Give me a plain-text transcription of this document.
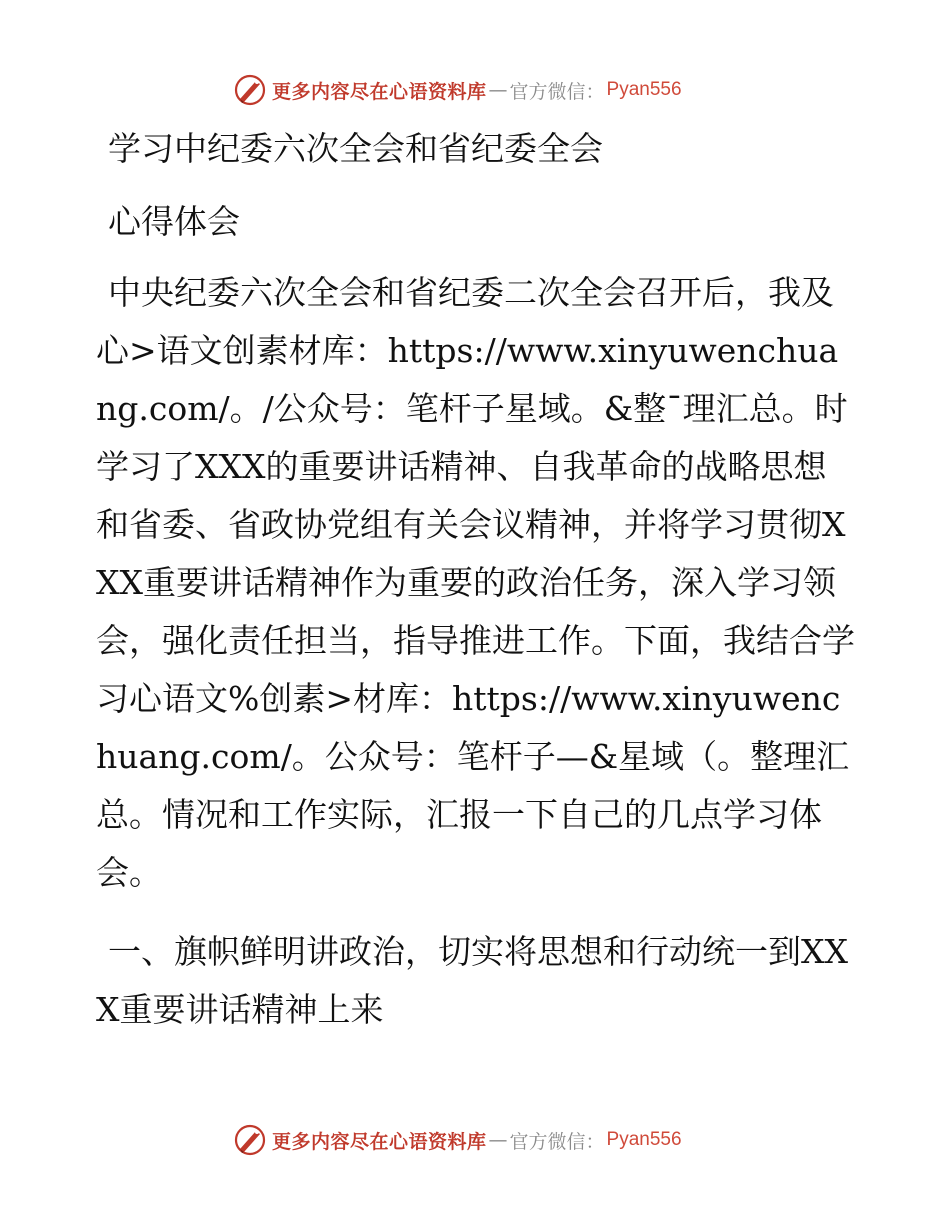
更多内容尽在心语资料库 — 官方微信： Pyan556
学习中纪委六次全会和省纪委全会
心得体会

中央纪委六次全会和省纪委二次全会召开后，我及心>语文创素材库：https://www.xinyuwenchuang.com/。/公众号：笔杆子星域。&整¯理汇总。时学习了XXX的重要讲话精神、自我革命的战略思想和省委、省政协党组有关会议精神，并将学习贯彻XXX重要讲话精神作为重要的政治任务，深入学习领会，强化责任担当，指导推进工作。下面，我结合学习心语文%创素>材库：https://www.xinyuwenchuang.com/。公众号：笔杆子—&星域（。整理汇总。情况和工作实际，汇报一下自己的几点学习体会。

一、旗帜鲜明讲政治，切实将思想和行动统一到XXX重要讲话精神上来
更多内容尽在心语资料库 — 官方微信： Pyan556
